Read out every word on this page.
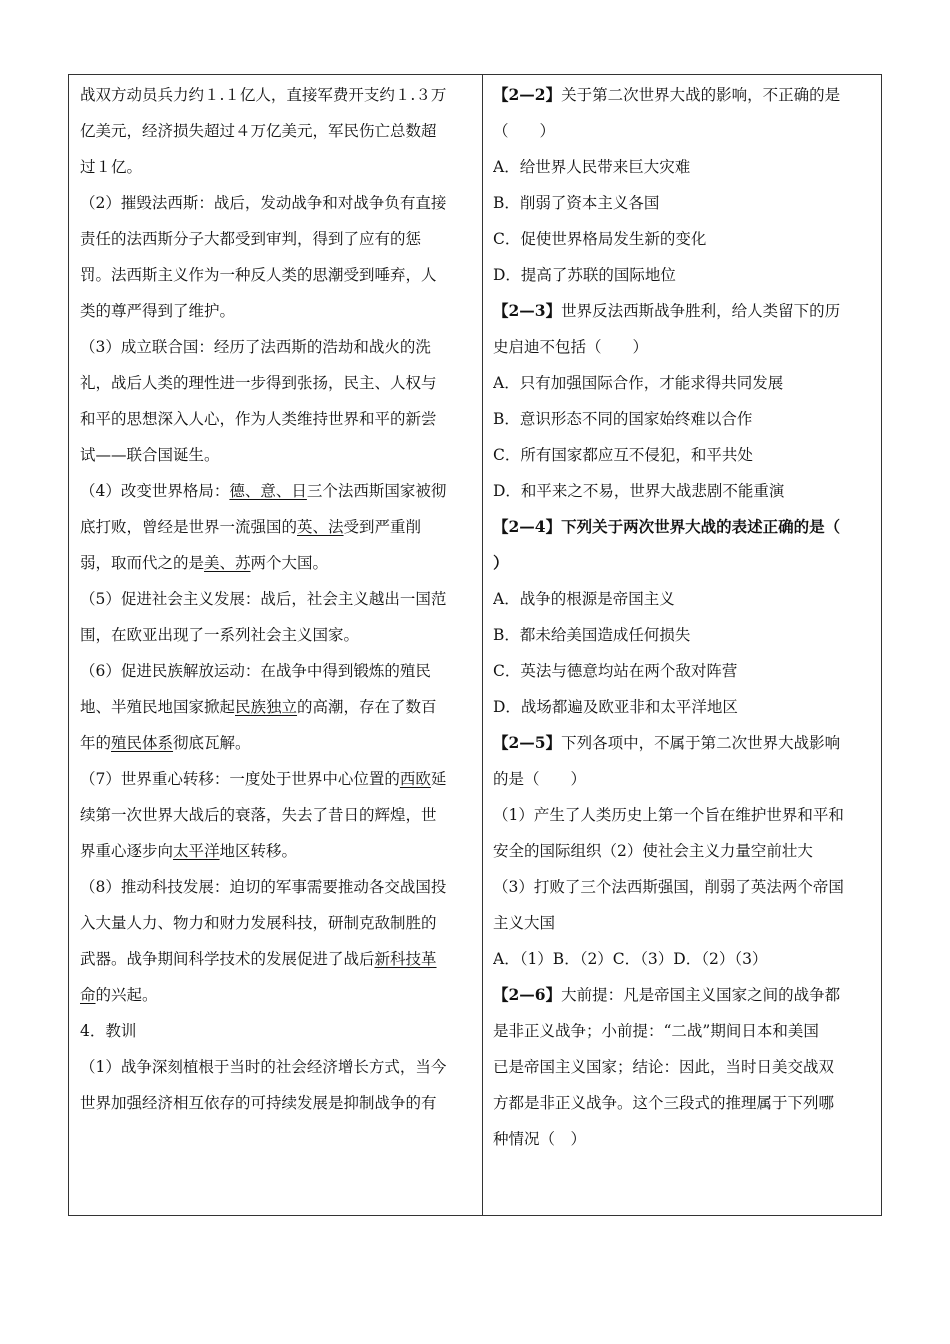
战双方动员兵力约１.１亿人，直接军费开支约１.３万
亿美元，经济损失超过４万亿美元，军民伤亡总数超
过１亿。
（2）摧毁法西斯：战后，发动战争和对战争负有直接
责任的法西斯分子大都受到审判，得到了应有的惩
罚。法西斯主义作为一种反人类的思潮受到唾弃，人
类的尊严得到了维护。
（3）成立联合国：经历了法西斯的浩劫和战火的洗
礼，战后人类的理性进一步得到张扬，民主、人权与
和平的思想深入人心，作为人类维持世界和平的新尝
试——联合国诞生。
（4）改变世界格局：德、意、日三个法西斯国家被彻
底打败，曾经是世界一流强国的英、法受到严重削
弱，取而代之的是美、苏两个大国。
（5）促进社会主义发展：战后，社会主义越出一国范
围，在欧亚出现了一系列社会主义国家。
（6）促进民族解放运动：在战争中得到锻炼的殖民
地、半殖民地国家掀起民族独立的高潮，存在了数百
年的殖民体系彻底瓦解。
（7）世界重心转移：一度处于世界中心位置的西欧延
续第一次世界大战后的衰落，失去了昔日的辉煌，世
界重心逐步向太平洋地区转移。
（8）推动科技发展：迫切的军事需要推动各交战国投
入大量人力、物力和财力发展科技，研制克敌制胜的
武器。战争期间科学技术的发展促进了战后新科技革
命的兴起。
4．教训
（1）战争深刻植根于当时的社会经济增长方式，当今
世界加强经济相互依存的可持续发展是抑制战争的有
【2—2】关于第二次世界大战的影响，不正确的是
（　　）
A．给世界人民带来巨大灾难
B．削弱了资本主义各国
C．促使世界格局发生新的变化
D．提高了苏联的国际地位
【2—3】世界反法西斯战争胜利，给人类留下的历
史启迪不包括（　　）
A．只有加强国际合作，才能求得共同发展
B．意识形态不同的国家始终难以合作
C．所有国家都应互不侵犯，和平共处
D．和平来之不易，世界大战悲剧不能重演
【2—4】下列关于两次世界大战的表述正确的是（
）
A．战争的根源是帝国主义
B．都未给美国造成任何损失
C．英法与德意均站在两个敌对阵营
D．战场都遍及欧亚非和太平洋地区
【2—5】下列各项中，不属于第二次世界大战影响
的是（　　）
（1）产生了人类历史上第一个旨在维护世界和平和
安全的国际组织（2）使社会主义力量空前壮大
（3）打败了三个法西斯强国，削弱了英法两个帝国
主义大国
A．（1）B．（2）C．（3）D．（2）（3）
【2—6】大前提：凡是帝国主义国家之间的战争都
是非正义战争；小前提：“二战”期间日本和美国
已是帝国主义国家；结论：因此，当时日美交战双
方都是非正义战争。这个三段式的推理属于下列哪
种情况（　）
